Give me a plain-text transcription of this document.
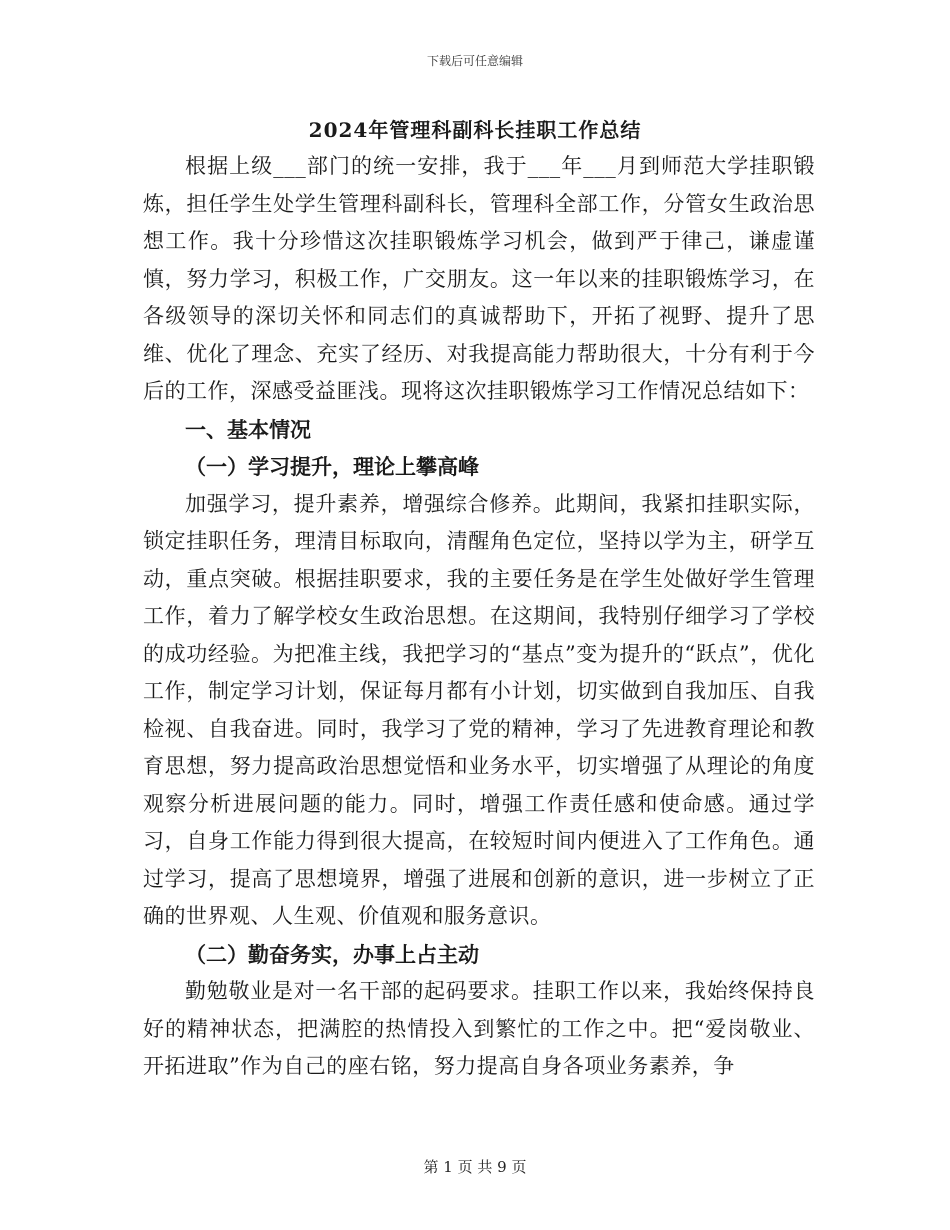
下载后可任意编辑
2024年管理科副科长挂职工作总结

根据上级___部门的统一安排，我于___年___月到师范大学挂职锻炼，担任学生处学生管理科副科长，管理科全部工作，分管女生政治思想工作。我十分珍惜这次挂职锻炼学习机会，做到严于律己，谦虚谨慎，努力学习，积极工作，广交朋友。这一年以来的挂职锻炼学习，在各级领导的深切关怀和同志们的真诚帮助下，开拓了视野、提升了思维、优化了理念、充实了经历、对我提高能力帮助很大，十分有利于今后的工作，深感受益匪浅。现将这次挂职锻炼学习工作情况总结如下：

一、基本情况

（一）学习提升，理论上攀高峰

加强学习，提升素养，增强综合修养。此期间，我紧扣挂职实际，锁定挂职任务，理清目标取向，清醒角色定位，坚持以学为主，研学互动，重点突破。根据挂职要求，我的主要任务是在学生处做好学生管理工作，着力了解学校女生政治思想。在这期间，我特别仔细学习了学校的成功经验。为把准主线，我把学习的“基点”变为提升的“跃点”，优化工作，制定学习计划，保证每月都有小计划，切实做到自我加压、自我检视、自我奋进。同时，我学习了党的精神，学习了先进教育理论和教育思想，努力提高政治思想觉悟和业务水平，切实增强了从理论的角度观察分析进展问题的能力。同时，增强工作责任感和使命感。通过学习，自身工作能力得到很大提高，在较短时间内便进入了工作角色。通过学习，提高了思想境界，增强了进展和创新的意识，进一步树立了正确的世界观、人生观、价值观和服务意识。

（二）勤奋务实，办事上占主动

勤勉敬业是对一名干部的起码要求。挂职工作以来，我始终保持良好的精神状态，把满腔的热情投入到繁忙的工作之中。把“爱岗敬业、开拓进取”作为自己的座右铭，努力提高自身各项业务素养，争

第 1 页 共 9 页
